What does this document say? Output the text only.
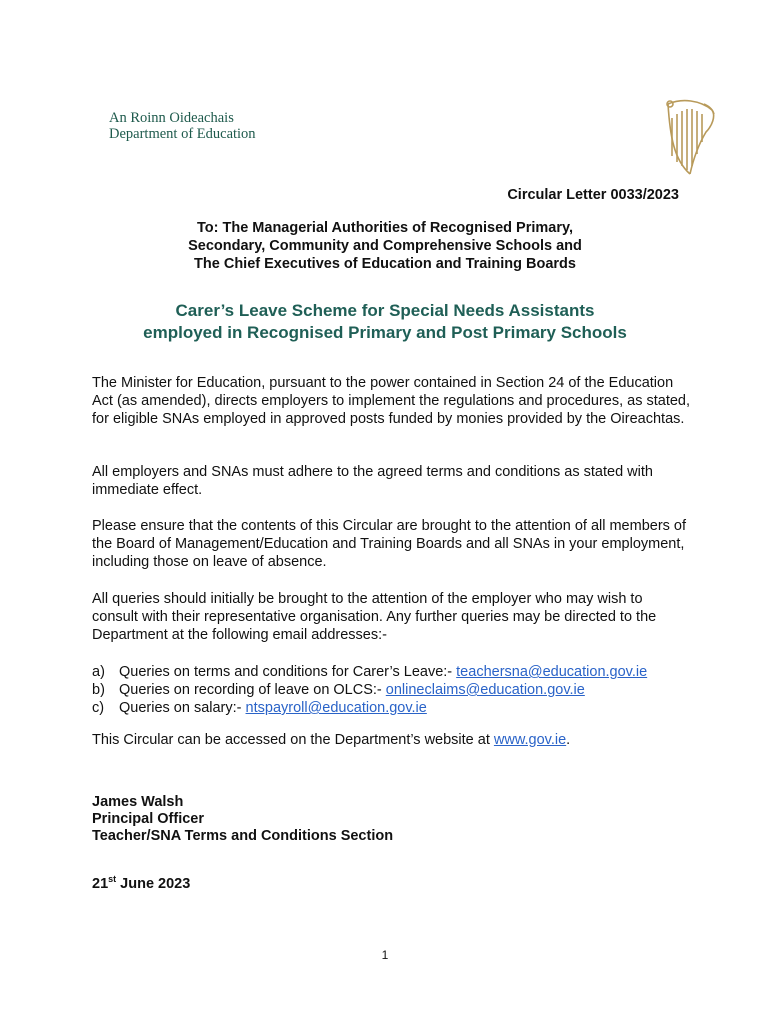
An Roinn Oideachais
Department of Education
Circular Letter 0033/2023
To: The Managerial Authorities of Recognised Primary,
Secondary, Community and Comprehensive Schools and
The Chief Executives of Education and Training Boards
Carer’s Leave Scheme for Special Needs Assistants
employed in Recognised Primary and Post Primary Schools
The Minister for Education, pursuant to the power contained in Section 24 of the Education Act (as amended), directs employers to implement the regulations and procedures, as stated, for eligible SNAs employed in approved posts funded by monies provided by the Oireachtas.
All employers and SNAs must adhere to the agreed terms and conditions as stated with immediate effect.
Please ensure that the contents of this Circular are brought to the attention of all members of the Board of Management/Education and Training Boards and all SNAs in your employment, including those on leave of absence.
All queries should initially be brought to the attention of the employer who may wish to consult with their representative organisation. Any further queries may be directed to the Department at the following email addresses:-
a) Queries on terms and conditions for Carer’s Leave:- teachersna@education.gov.ie
b) Queries on recording of leave on OLCS:- onlineclaims@education.gov.ie
c)	Queries on salary:- ntspayroll@education.gov.ie
This Circular can be accessed on the Department’s website at www.gov.ie.
James Walsh
Principal Officer
Teacher/SNA Terms and Conditions Section
21st June 2023
1
